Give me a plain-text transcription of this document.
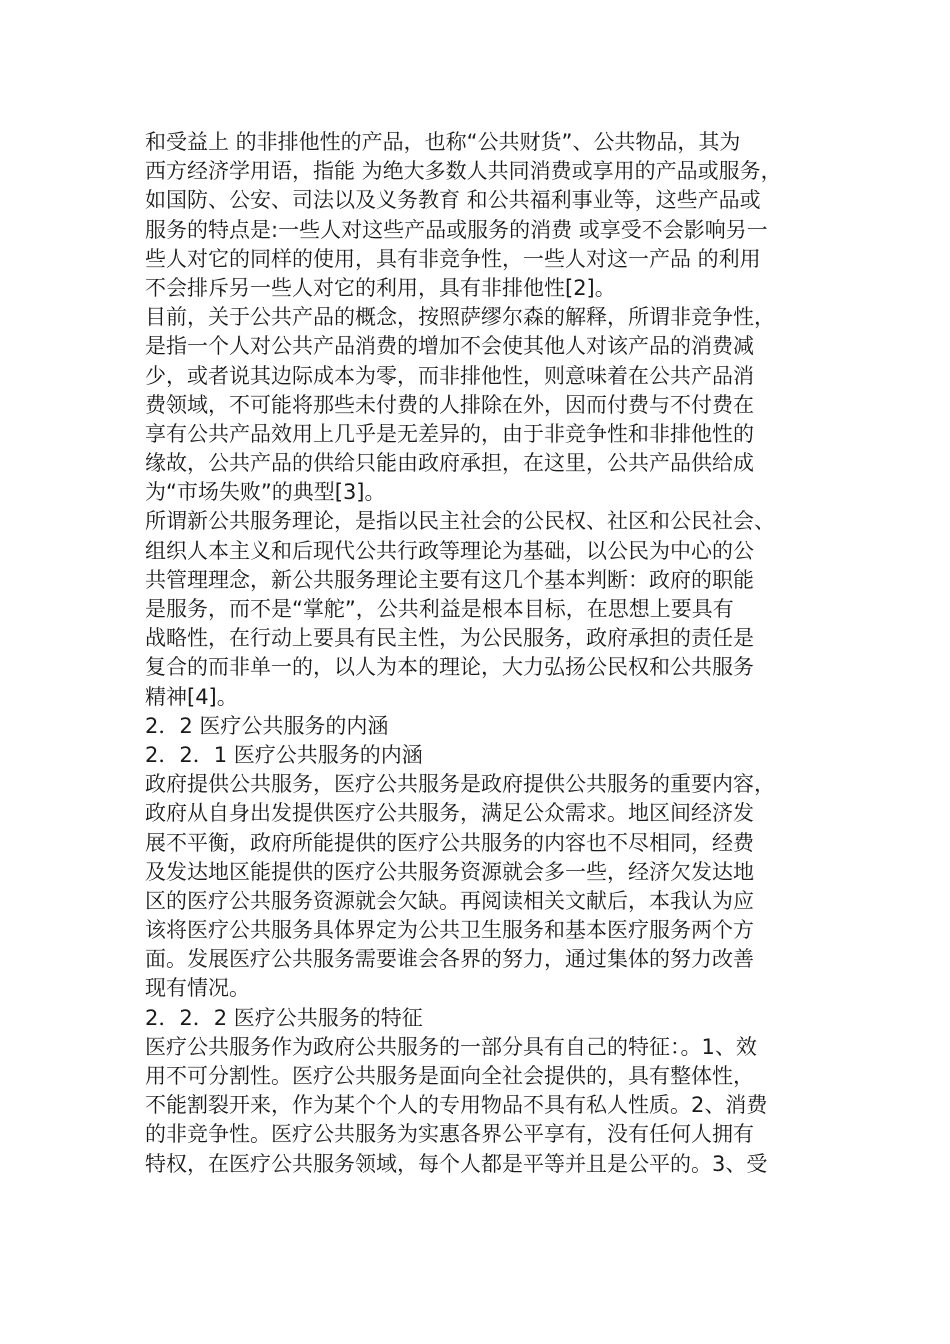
和受益上 的非排他性的产品，也称“公共财货”、公共物品，其为
西方经济学用语，指能 为绝大多数人共同消费或享用的产品或服务，
如国防、公安、司法以及义务教育 和公共福利事业等，这些产品或
服务的特点是:一些人对这些产品或服务的消费 或享受不会影响另一
些人对它的同样的使用，具有非竞争性，一些人对这一产品 的利用
不会排斥另一些人对它的利用，具有非排他性[2]。
目前，关于公共产品的概念，按照萨缪尔森的解释，所谓非竞争性，
是指一个人对公共产品消费的增加不会使其他人对该产品的消费减
少，或者说其边际成本为零，而非排他性，则意味着在公共产品消
费领域，不可能将那些未付费的人排除在外，因而付费与不付费在
享有公共产品效用上几乎是无差异的，由于非竞争性和非排他性的
缘故，公共产品的供给只能由政府承担，在这里，公共产品供给成
为“市场失败”的典型[3]。
所谓新公共服务理论，是指以民主社会的公民权、社区和公民社会、
组织人本主义和后现代公共行政等理论为基础，以公民为中心的公
共管理理念，新公共服务理论主要有这几个基本判断：政府的职能
是服务，而不是“掌舵”，公共利益是根本目标，在思想上要具有
战略性，在行动上要具有民主性，为公民服务，政府承担的责任是
复合的而非单一的，以人为本的理论，大力弘扬公民权和公共服务
精神[4]。
2．2 医疗公共服务的内涵
2．2．1 医疗公共服务的内涵
政府提供公共服务，医疗公共服务是政府提供公共服务的重要内容，
政府从自身出发提供医疗公共服务，满足公众需求。地区间经济发
展不平衡，政府所能提供的医疗公共服务的内容也不尽相同，经费
及发达地区能提供的医疗公共服务资源就会多一些，经济欠发达地
区的医疗公共服务资源就会欠缺。再阅读相关文献后，本我认为应
该将医疗公共服务具体界定为公共卫生服务和基本医疗服务两个方
面。发展医疗公共服务需要谁会各界的努力，通过集体的努力改善
现有情况。
2．2．2 医疗公共服务的特征
医疗公共服务作为政府公共服务的一部分具有自己的特征：。1、效
用不可分割性。医疗公共服务是面向全社会提供的，具有整体性，
不能割裂开来，作为某个个人的专用物品不具有私人性质。2、消费
的非竞争性。医疗公共服务为实惠各界公平享有，没有任何人拥有
特权，在医疗公共服务领域，每个人都是平等并且是公平的。3、受
